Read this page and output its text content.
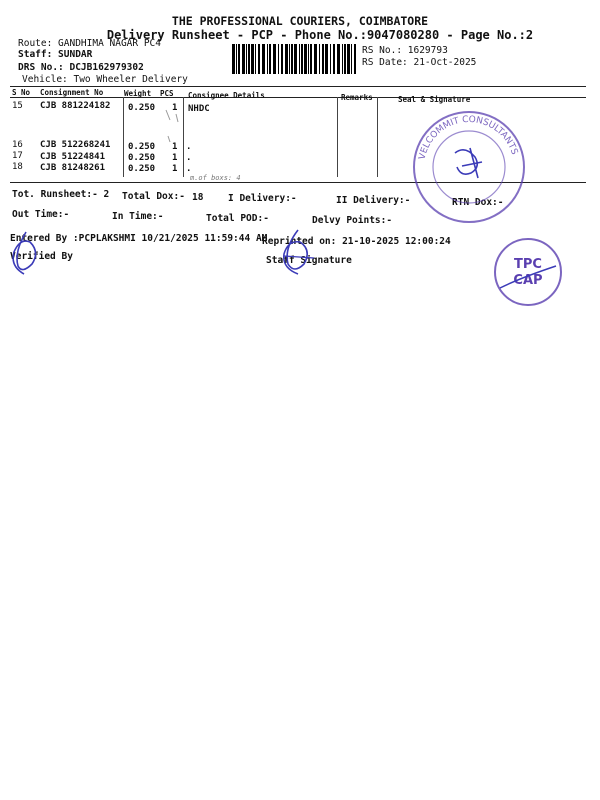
THE PROFESSIONAL COURIERS, COIMBATORE
Delivery Runsheet - PCP - Phone No.:9047080280 - Page No.:2
Route: GANDHIMA NAGAR PC4
Staff: SUNDAR
DRS No.: DCJB162979302
Vehicle: Two Wheeler Delivery
RS No.: 1629793
RS Date: 21-Oct-2025
S No Consignment No	Weight PCS Consignee Details	Remarks	Seal & Signature
15 CJB 881224182 0.250 1 NHDC
16 CJB 512268241 0.250 1 .
17 CJB 51224841	0.250 1 .
18 CJB 81248261	0.250 1 .
m.of boxs: 4
Tot. Runsheet:- 2 Total Dox:- 18	I Delivery:-	II Delivery:-	RTN Dox:-
Out Time:-	In Time:-	Total POD:-	Delvy Points:-
Entered By :PCPLAKSHMI 10/21/2025 11:59:44 AM
Reprinted on: 21-10-2025 12:00:24
Verified By	Staff Signature
VELCOMMIT CONSULTANTS
TPC
CAP
